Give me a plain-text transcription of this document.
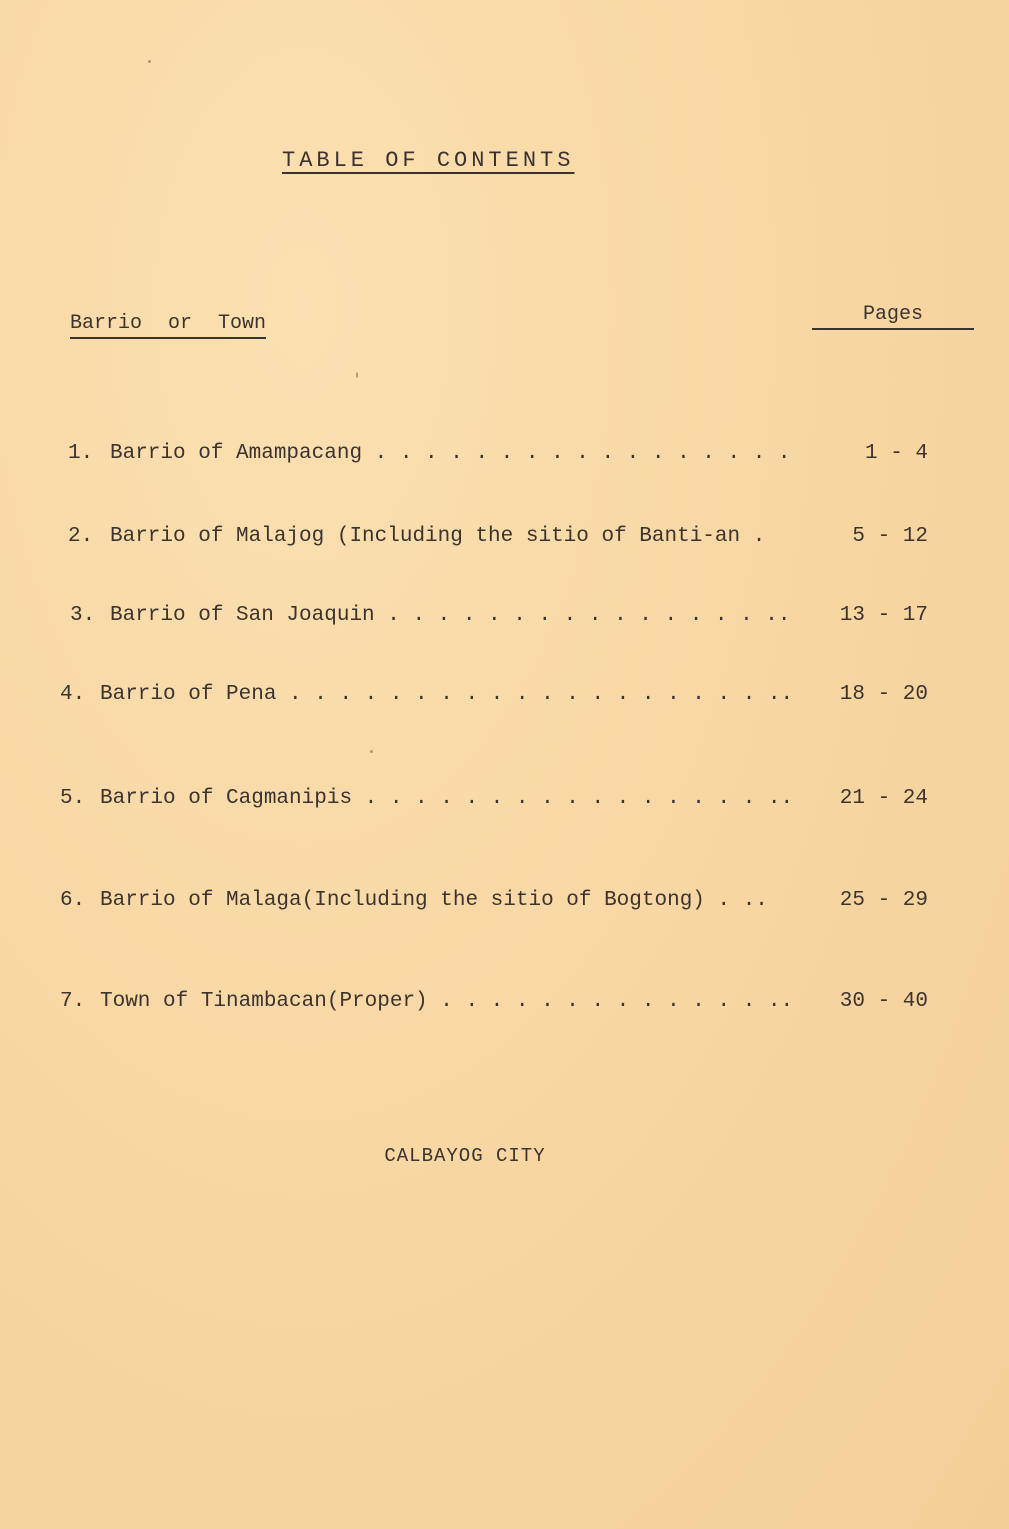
TABLE OF CONTENTS
Barrio or Town	Pages
1. Barrio of Amampacang . . . . . . . . . . . . . . . . .	1 - 4
2. Barrio of Malajog (Including the sitio of Banti-an .	5 - 12
3. Barrio of San Joaquin . . . . . . . . . . . . . . . .. 13 - 17
4. Barrio of Pena . . . . . . . . . . . . . . . . . . . .. 18 - 20
5. Barrio of Cagmanipis . . . . . . . . . . . . . . . . .. 21 - 24
6. Barrio of Malaga(Including the sitio of Bogtong) . ..	25 - 29
7. Town of Tinambacan(Proper) . . . . . . . . . . . . . .. 30 - 40
CALBAYOG CITY
